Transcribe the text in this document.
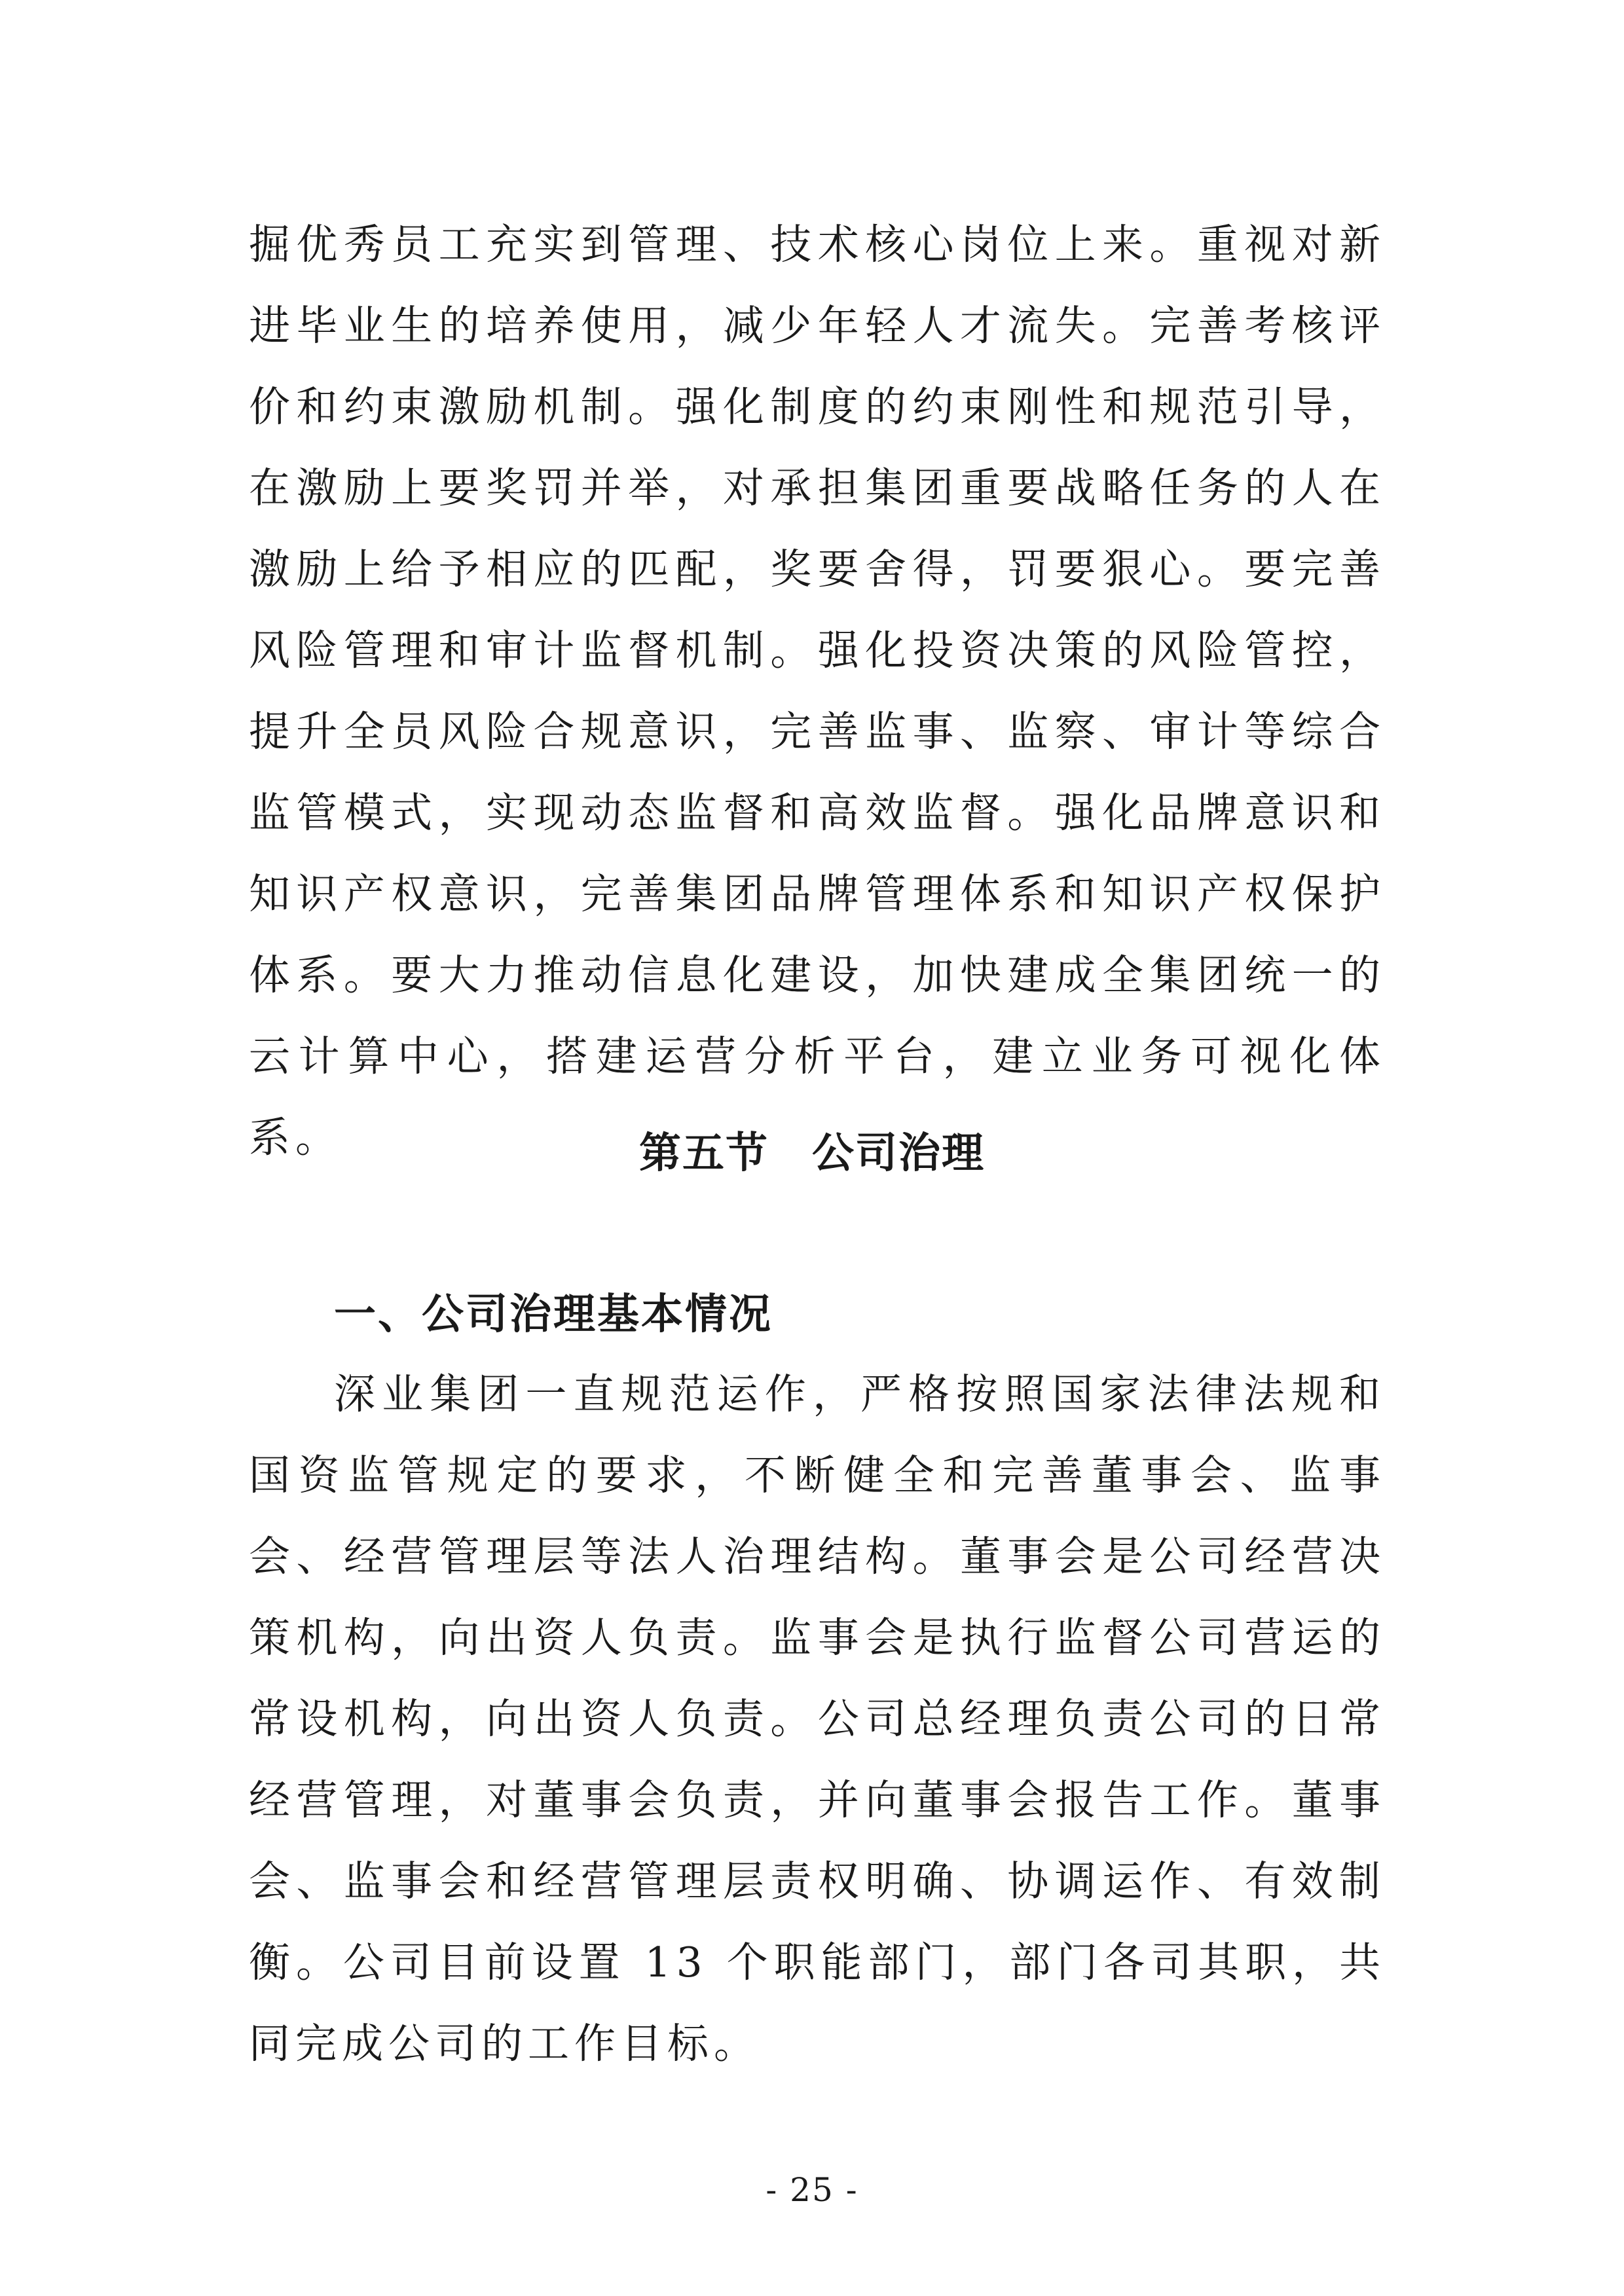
掘优秀员工充实到管理、技术核心岗位上来。重视对新进毕业生的培养使用，减少年轻人才流失。完善考核评价和约束激励机制。强化制度的约束刚性和规范引导，在激励上要奖罚并举，对承担集团重要战略任务的人在激励上给予相应的匹配，奖要舍得，罚要狠心。要完善风险管理和审计监督机制。强化投资决策的风险管控，提升全员风险合规意识，完善监事、监察、审计等综合监管模式，实现动态监督和高效监督。强化品牌意识和知识产权意识，完善集团品牌管理体系和知识产权保护体系。要大力推动信息化建设，加快建成全集团统一的云计算中心，搭建运营分析平台，建立业务可视化体系。	第五节　公司治理
一、公司治理基本情况

深业集团一直规范运作，严格按照国家法律法规和国资监管规定的要求，不断健全和完善董事会、监事会、经营管理层等法人治理结构。董事会是公司经营决策机构，向出资人负责。监事会是执行监督公司营运的常设机构，向出资人负责。公司总经理负责公司的日常经营管理，对董事会负责，并向董事会报告工作。董事会、监事会和经营管理层责权明确、协调运作、有效制衡。公司目前设置 13 个职能部门，部门各司其职，共同完成公司的工作目标。

- 25 -
